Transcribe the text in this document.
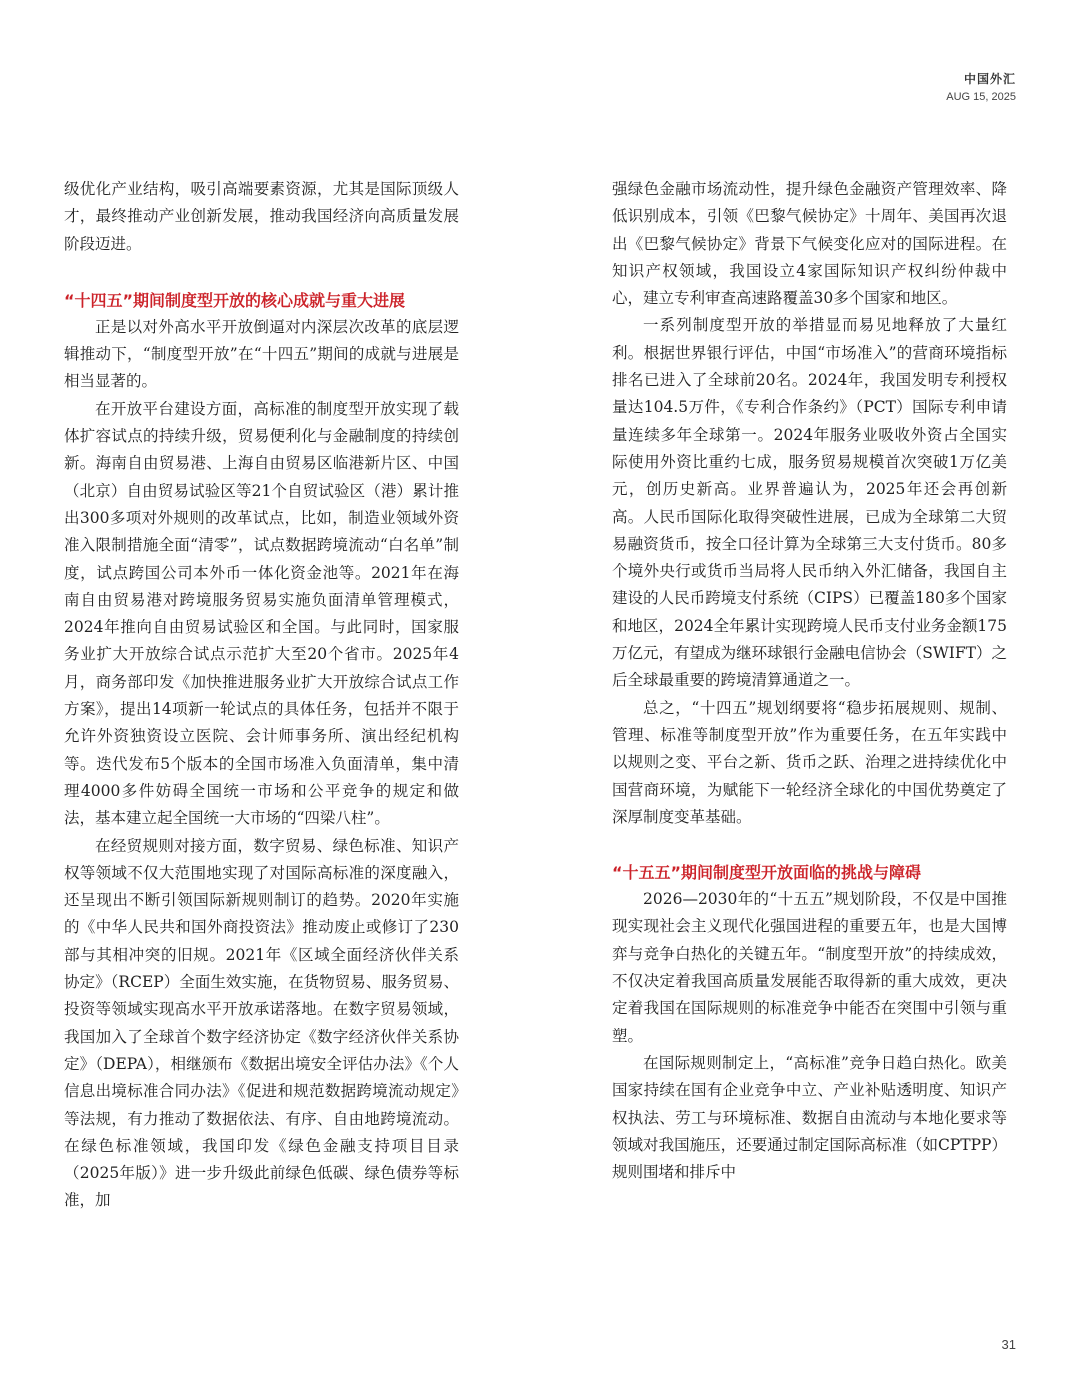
中国外汇
AUG 15, 2025

级优化产业结构，吸引高端要素资源，尤其是国际顶级人才，最终推动产业创新发展，推动我国经济向高质量发展阶段迈进。

“十四五”期间制度型开放的核心成就与重大进展

正是以对外高水平开放倒逼对内深层次改革的底层逻辑推动下，“制度型开放”在“十四五”期间的成就与进展是相当显著的。

在开放平台建设方面，高标准的制度型开放实现了载体扩容试点的持续升级，贸易便利化与金融制度的持续创新。海南自由贸易港、上海自由贸易区临港新片区、中国（北京）自由贸易试验区等21个自贸试验区（港）累计推出300多项对外规则的改革试点，比如，制造业领域外资准入限制措施全面“清零”，试点数据跨境流动“白名单”制度，试点跨国公司本外币一体化资金池等。2021年在海南自由贸易港对跨境服务贸易实施负面清单管理模式，2024年推向自由贸易试验区和全国。与此同时，国家服务业扩大开放综合试点示范扩大至20个省市。2025年4月，商务部印发《加快推进服务业扩大开放综合试点工作方案》，提出14项新一轮试点的具体任务，包括并不限于允许外资独资设立医院、会计师事务所、演出经纪机构等。迭代发布5个版本的全国市场准入负面清单，集中清理4000多件妨碍全国统一市场和公平竞争的规定和做法，基本建立起全国统一大市场的“四梁八柱”。

在经贸规则对接方面，数字贸易、绿色标准、知识产权等领域不仅大范围地实现了对国际高标准的深度融入，还呈现出不断引领国际新规则制订的趋势。2020年实施的《中华人民共和国外商投资法》推动废止或修订了230部与其相冲突的旧规。2021年《区域全面经济伙伴关系协定》（RCEP）全面生效实施，在货物贸易、服务贸易、投资等领域实现高水平开放承诺落地。在数字贸易领域，我国加入了全球首个数字经济协定《数字经济伙伴关系协定》（DEPA），相继颁布《数据出境安全评估办法》《个人信息出境标准合同办法》《促进和规范数据跨境流动规定》等法规，有力推动了数据依法、有序、自由地跨境流动。在绿色标准领域，我国印发《绿色金融支持项目目录（2025年版）》进一步升级此前绿色低碳、绿色债券等标准，加

强绿色金融市场流动性，提升绿色金融资产管理效率、降低识别成本，引领《巴黎气候协定》十周年、美国再次退出《巴黎气候协定》背景下气候变化应对的国际进程。在知识产权领域，我国设立4家国际知识产权纠纷仲裁中心，建立专利审查高速路覆盖30多个国家和地区。

一系列制度型开放的举措显而易见地释放了大量红利。根据世界银行评估，中国“市场准入”的营商环境指标排名已进入了全球前20名。2024年，我国发明专利授权量达104.5万件，《专利合作条约》（PCT）国际专利申请量连续多年全球第一。2024年服务业吸收外资占全国实际使用外资比重约七成，服务贸易规模首次突破1万亿美元，创历史新高。业界普遍认为，2025年还会再创新高。人民币国际化取得突破性进展，已成为全球第二大贸易融资货币，按全口径计算为全球第三大支付货币。80多个境外央行或货币当局将人民币纳入外汇储备，我国自主建设的人民币跨境支付系统（CIPS）已覆盖180多个国家和地区，2024全年累计实现跨境人民币支付业务金额175万亿元，有望成为继环球银行金融电信协会（SWIFT）之后全球最重要的跨境清算通道之一。

总之，“十四五”规划纲要将“稳步拓展规则、规制、管理、标准等制度型开放”作为重要任务，在五年实践中以规则之变、平台之新、货币之跃、治理之进持续优化中国营商环境，为赋能下一轮经济全球化的中国优势奠定了深厚制度变革基础。

“十五五”期间制度型开放面临的挑战与障碍

2026—2030年的“十五五”规划阶段，不仅是中国推现实现社会主义现代化强国进程的重要五年，也是大国博弈与竞争白热化的关键五年。“制度型开放”的持续成效，不仅决定着我国高质量发展能否取得新的重大成效，更决定着我国在国际规则的标准竞争中能否在突围中引领与重塑。

在国际规则制定上，“高标准”竞争日趋白热化。欧美国家持续在国有企业竞争中立、产业补贴透明度、知识产权执法、劳工与环境标准、数据自由流动与本地化要求等领域对我国施压，还要通过制定国际高标准（如CPTPP）规则围堵和排斥中

31
